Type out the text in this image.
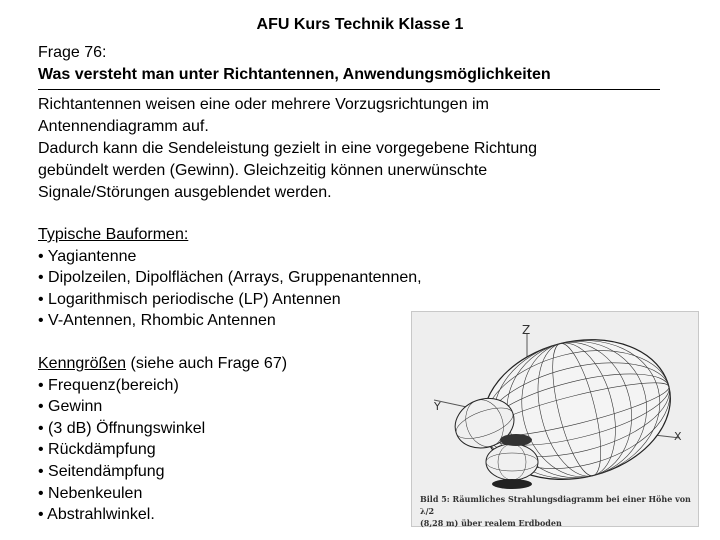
AFU Kurs Technik Klasse 1
Frage 76:
Was versteht man unter Richtantennen, Anwendungsmöglichkeiten

Richtantennen weisen eine oder mehrere Vorzugsrichtungen im

Antennendiagramm auf.

Dadurch kann die Sendeleistung gezielt in eine vorgegebene Richtung

gebündelt werden (Gewinn). Gleichzeitig können unerwünschte

Signale/Störungen ausgeblendet werden.

Typische Bauformen:
• Yagiantenne
• Dipolzeilen, Dipolflächen (Arrays, Gruppenantennen,
• Logarithmisch periodische (LP) Antennen
• V-Antennen, Rhombic Antennen
Kenngrößen (siehe auch Frage 67)
• Frequenz(bereich)
• Gewinn
• (3 dB) Öffnungswinkel
• Rückdämpfung
• Seitendämpfung
• Nebenkeulen
• Abstrahlwinkel.
Z
Y
X
Bild 5: Räumliches Strahlungsdiagramm bei einer Höhe von λ/2
(8,28 m) über realem Erdboden
